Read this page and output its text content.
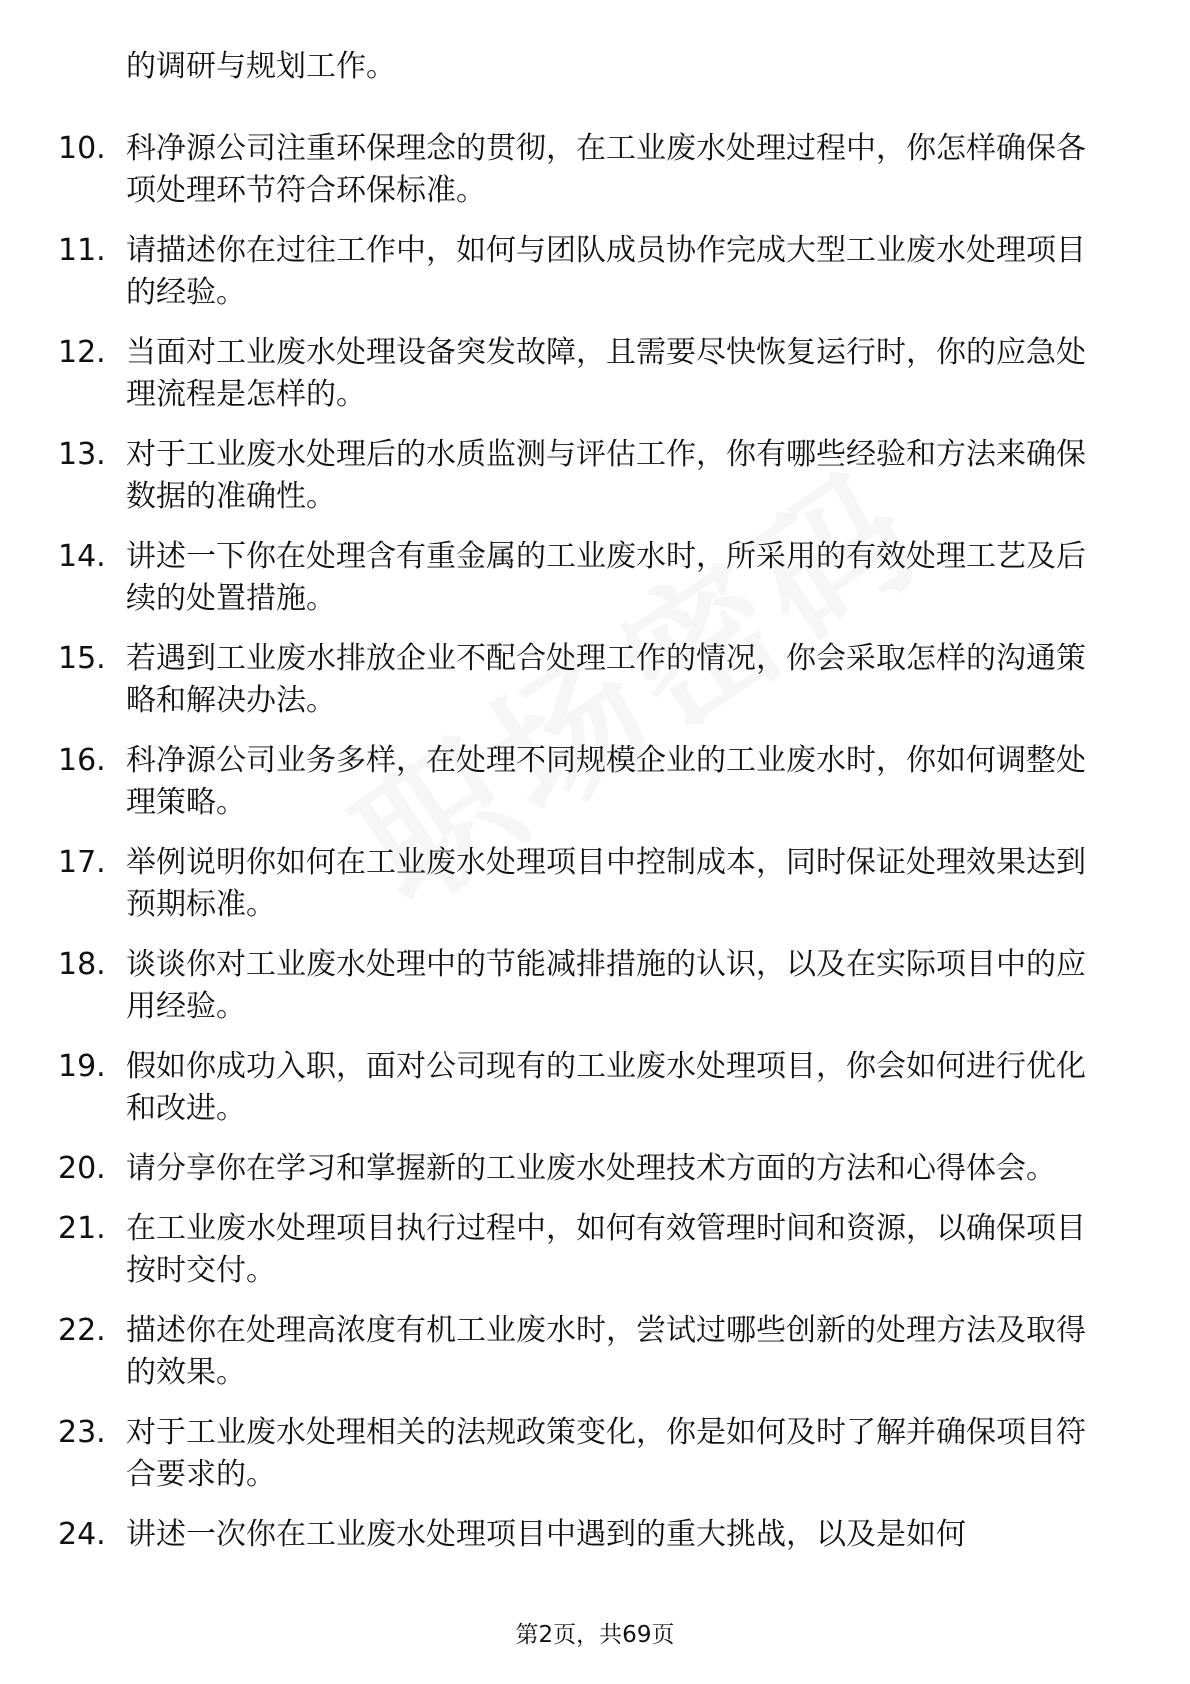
的调研与规划工作。
10. 科净源公司注重环保理念的贯彻，在工业废水处理过程中，你怎样确保各项处理环节符合环保标准。
11. 请描述你在过往工作中，如何与团队成员协作完成大型工业废水处理项目的经验。
12. 当面对工业废水处理设备突发故障，且需要尽快恢复运行时，你的应急处理流程是怎样的。
13. 对于工业废水处理后的水质监测与评估工作，你有哪些经验和方法来确保数据的准确性。
14. 讲述一下你在处理含有重金属的工业废水时，所采用的有效处理工艺及后续的处置措施。
15. 若遇到工业废水排放企业不配合处理工作的情况，你会采取怎样的沟通策略和解决办法。
16. 科净源公司业务多样，在处理不同规模企业的工业废水时，你如何调整处理策略。
17. 举例说明你如何在工业废水处理项目中控制成本，同时保证处理效果达到预期标准。
18. 谈谈你对工业废水处理中的节能减排措施的认识，以及在实际项目中的应用经验。
19. 假如你成功入职，面对公司现有的工业废水处理项目，你会如何进行优化和改进。
20. 请分享你在学习和掌握新的工业废水处理技术方面的方法和心得体会。
21. 在工业废水处理项目执行过程中，如何有效管理时间和资源，以确保项目按时交付。
22. 描述你在处理高浓度有机工业废水时，尝试过哪些创新的处理方法及取得的效果。
23. 对于工业废水处理相关的法规政策变化，你是如何及时了解并确保项目符合要求的。
24. 讲述一次你在工业废水处理项目中遇到的重大挑战，以及是如何
第2页，共69页
